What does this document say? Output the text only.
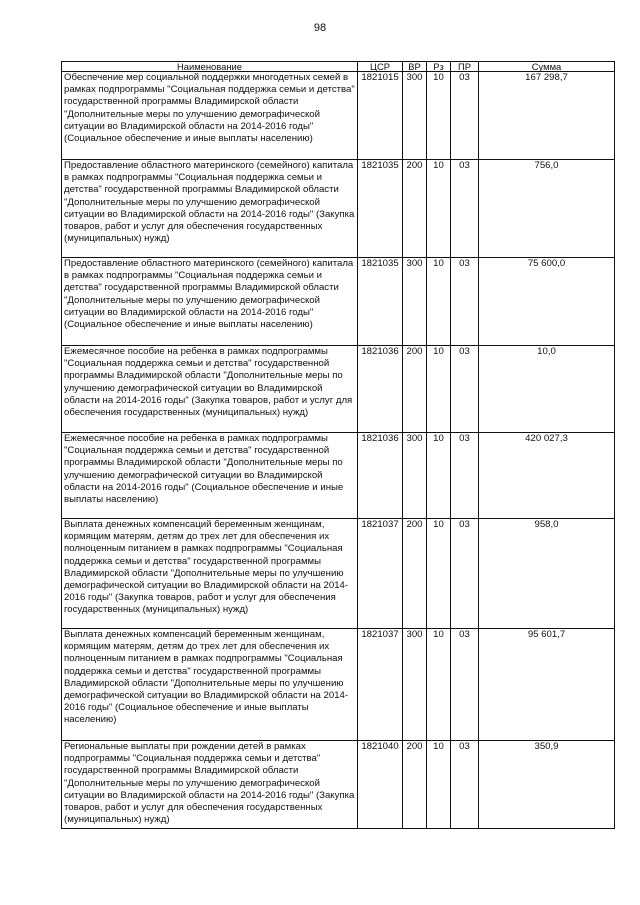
98
Наименование	ЦСР	ВР	Рз	ПР	Сумма
Обеспечение мер социальной поддержки многодетных семей в рамках подпрограммы "Социальная поддержка семьи и детства" государственной программы Владимирской области "Дополнительные меры по улучшению демографической ситуации во Владимирской области на 2014-2016 годы" (Социальное обеспечение и иные выплаты населению)	1821015	300	10	03	167 298,7
Предоставление областного материнского (семейного) капитала в рамках подпрограммы "Социальная поддержка семьи и детства" государственной программы Владимирской области "Дополнительные меры по улучшению демографической ситуации во Владимирской области на 2014-2016 годы" (Закупка товаров, работ и услуг для обеспечения государственных (муниципальных) нужд)	1821035	200	10	03	756,0
Предоставление областного материнского (семейного) капитала в рамках подпрограммы "Социальная поддержка семьи и детства" государственной программы Владимирской области "Дополнительные меры по улучшению демографической ситуации во Владимирской области на 2014-2016 годы" (Социальное обеспечение и иные выплаты населению)	1821035	300	10	03	75 600,0
Ежемесячное пособие на ребенка в рамках подпрограммы "Социальная поддержка семьи и детства" государственной программы Владимирской области "Дополнительные меры по улучшению демографической ситуации во Владимирской области на 2014-2016 годы" (Закупка товаров, работ и услуг для обеспечения государственных (муниципальных) нужд)	1821036	200	10	03	10,0
Ежемесячное пособие на ребенка в рамках подпрограммы "Социальная поддержка семьи и детства" государственной программы Владимирской области "Дополнительные меры по улучшению демографической ситуации во Владимирской области на 2014-2016 годы" (Социальное обеспечение и иные выплаты населению)	1821036	300	10	03	420 027,3
Выплата денежных компенсаций беременным женщинам, кормящим матерям, детям до трех лет для обеспечения их полноценным питанием в рамках подпрограммы "Социальная поддержка семьи и детства" государственной программы Владимирской области "Дополнительные меры по улучшению демографической ситуации во Владимирской области на 2014-2016 годы" (Закупка товаров, работ и услуг для обеспечения государственных (муниципальных) нужд)	1821037	200	10	03	958,0
Выплата денежных компенсаций беременным женщинам, кормящим матерям, детям до трех лет для обеспечения их полноценным питанием в рамках подпрограммы "Социальная поддержка семьи и детства" государственной программы Владимирской области "Дополнительные меры по улучшению демографической ситуации во Владимирской области на 2014-2016 годы" (Социальное обеспечение и иные выплаты населению)	1821037	300	10	03	95 601,7
Региональные выплаты при рождении детей в рамках подпрограммы "Социальная поддержка семьи и детства" государственной программы Владимирской области "Дополнительные меры по улучшению демографической ситуации во Владимирской области на 2014-2016 годы" (Закупка товаров, работ и услуг для обеспечения государственных (муниципальных) нужд)	1821040	200	10	03	350,9
